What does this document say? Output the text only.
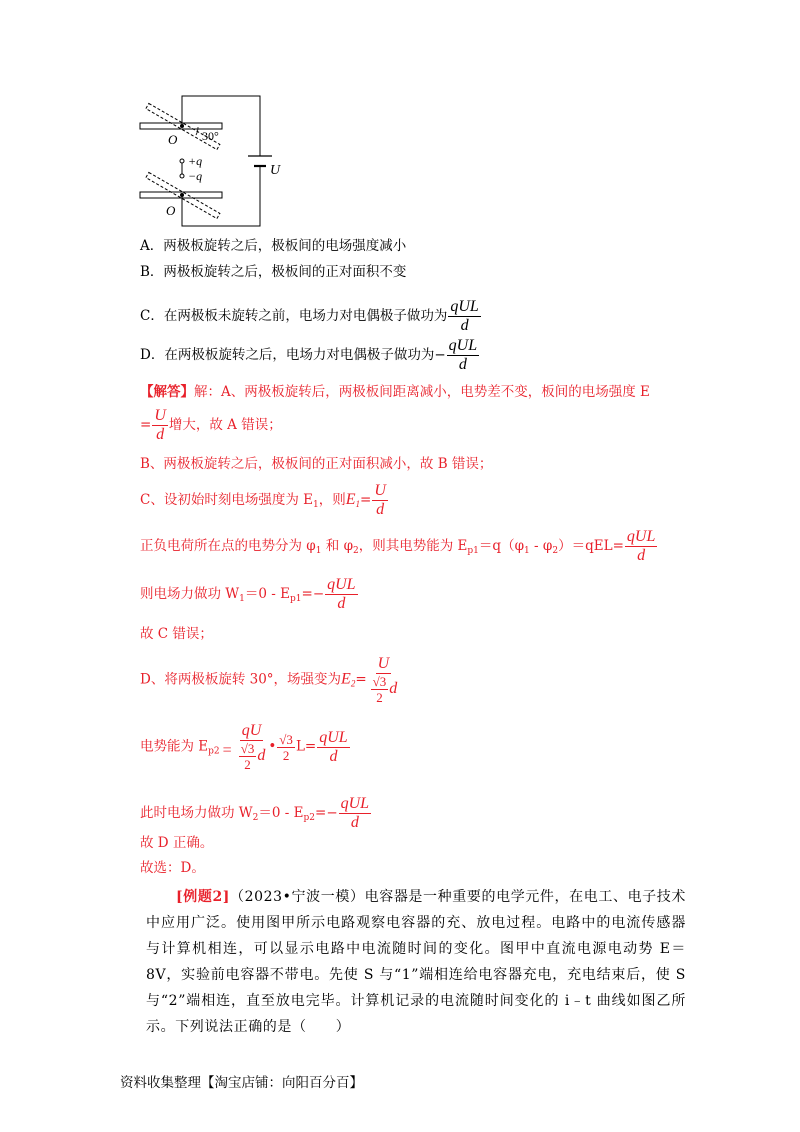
O
O
30°
+q
−q	U
A．两极板旋转之后，极板间的电场强度减小
B．两极板旋转之后，极板间的正对面积不变
C．在两极板未旋转之前，电场力对电偶极子做功为 $\frac{\text{qUL}}{d}$
D．在两极板旋转之后，电场力对电偶极子做功为− $\frac{\text{qUL}}{d}$
【解答】解：A、两极板旋转后，两极板间距离减小，电势差不变，板间的电场强度 E
= $\frac{U}{d}$ 增大，故 A 错误；
B、两极板旋转之后，极板间的正对面积减小，故 B 错误；
C、设初始时刻电场强度为 $E_1$，则$E_1= \frac{U}{d}$
正负电荷所在点的电势分为 $\varphi_1$ 和 $\varphi_2$，则其电势能为 $E_{p1}=q(\varphi_1 - \varphi_2)=qEL= \frac{\text{qUL}}{d}$
则电场力做功 $W_1=0 - E_{p1}=- \frac{\text{qUL}}{d}$
故 C 错误；
D、将两极板旋转 30°，场强变为$E_2= \frac{U}{\frac{√3}{2} d}$
电势能为 $E_{p2} = \frac{qU}{\frac{√3}{2} d}$ • $\frac{√3}{2} L= \frac{\text{qUL}}{d}$
此时电场力做功 $W_2=0 - E_{p2}=- \frac{\text{qUL}}{d}$
故 D 正确。
故选：D。
[例题2]（2023•宁波一模）电容器是一种重要的电学元件，在电工、电子技术中应用广泛。使用图甲所示电路观察电容器的充、放电过程。电路中的电流传感器与计算机相连，可以显示电路中电流随时间的变化。图甲中直流电源电动势 E＝8V，实验前电容器不带电。先使 S 与“1”端相连给电容器充电，充电结束后，使 S 与“2”端相连，直至放电完毕。计算机记录的电流随时间变化的 i﹣t 曲线如图乙所示。下列说法正确的是（　　）
资料收集整理【淘宝店铺：向阳百分百】
